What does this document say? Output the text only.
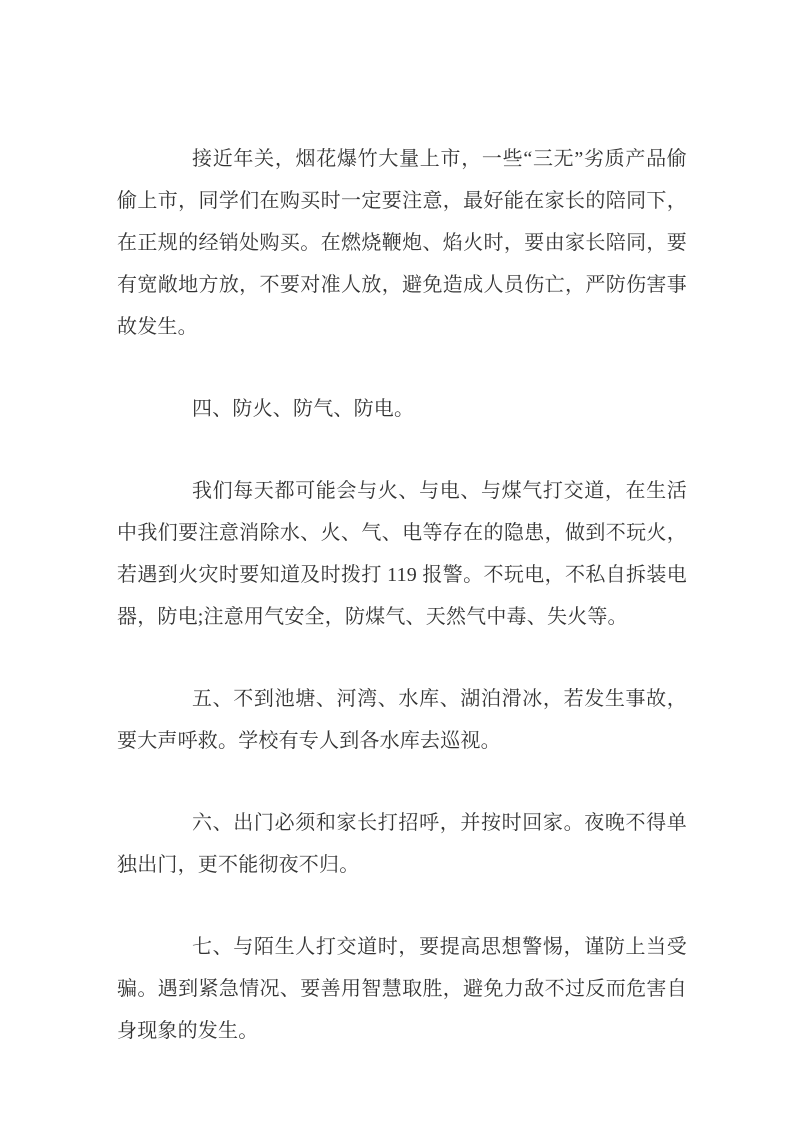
接近年关，烟花爆竹大量上市，一些“三无”劣质产品偷偷上市，同学们在购买时一定要注意，最好能在家长的陪同下，在正规的经销处购买。在燃烧鞭炮、焰火时，要由家长陪同，要有宽敞地方放，不要对准人放，避免造成人员伤亡，严防伤害事故发生。

四、防火、防气、防电。

我们每天都可能会与火、与电、与煤气打交道，在生活中我们要注意消除水、火、气、电等存在的隐患，做到不玩火，若遇到火灾时要知道及时拨打 119 报警。不玩电，不私自拆装电器，防电;注意用气安全，防煤气、天然气中毒、失火等。

五、不到池塘、河湾、水库、湖泊滑冰，若发生事故，要大声呼救。学校有专人到各水库去巡视。

六、出门必须和家长打招呼，并按时回家。夜晚不得单独出门，更不能彻夜不归。

七、与陌生人打交道时，要提高思想警惕，谨防上当受骗。遇到紧急情况、要善用智慧取胜，避免力敌不过反而危害自身现象的发生。
